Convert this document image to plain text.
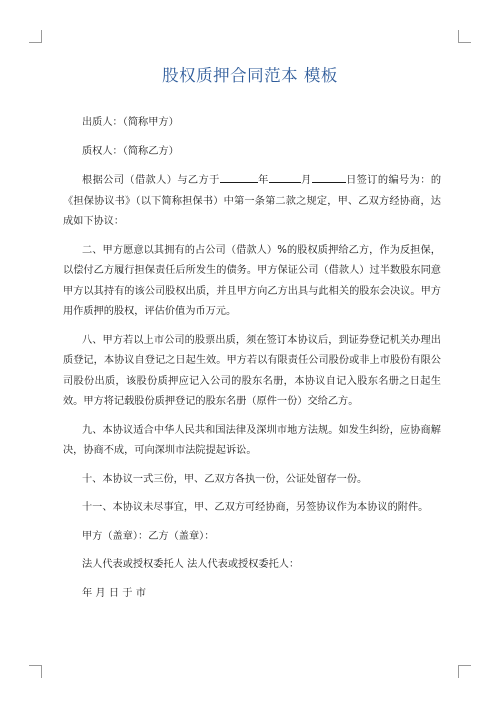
股权质押合同范本 模板

出质人：（简称甲方）

质权人：（简称乙方）

根据公司（借款人）与乙方于	年	月	日签订的编号为：的《担保协议书》（以下简称担保书）中第一条第二款之规定，甲、乙双方经协商，达成如下协议：

二、甲方愿意以其拥有的占公司（借款人）%的股权质押给乙方，作为反担保，以偿付乙方履行担保责任后所发生的债务。甲方保证公司（借款人）过半数股东同意甲方以其持有的该公司股权出质，并且甲方向乙方出具与此相关的股东会决议。甲方用作质押的股权，评估价值为币万元。

八、甲方若以上市公司的股票出质，须在签订本协议后，到证券登记机关办理出质登记，本协议自登记之日起生效。甲方若以有限责任公司股份或非上市股份有限公司股份出质，该股份质押应记入公司的股东名册，本协议自记入股东名册之日起生效。甲方将记载股份质押登记的股东名册（原件一份）交给乙方。

九、本协议适合中华人民共和国法律及深圳市地方法规。如发生纠纷，应协商解决，协商不成，可向深圳市法院提起诉讼。

十、本协议一式三份，甲、乙双方各执一份，公证处留存一份。

十一、本协议未尽事宜，甲、乙双方可经协商，另签协议作为本协议的附件。

甲方（盖章）：乙方（盖章）：

法人代表或授权委托人 法人代表或授权委托人：

年 月 日 于 市
